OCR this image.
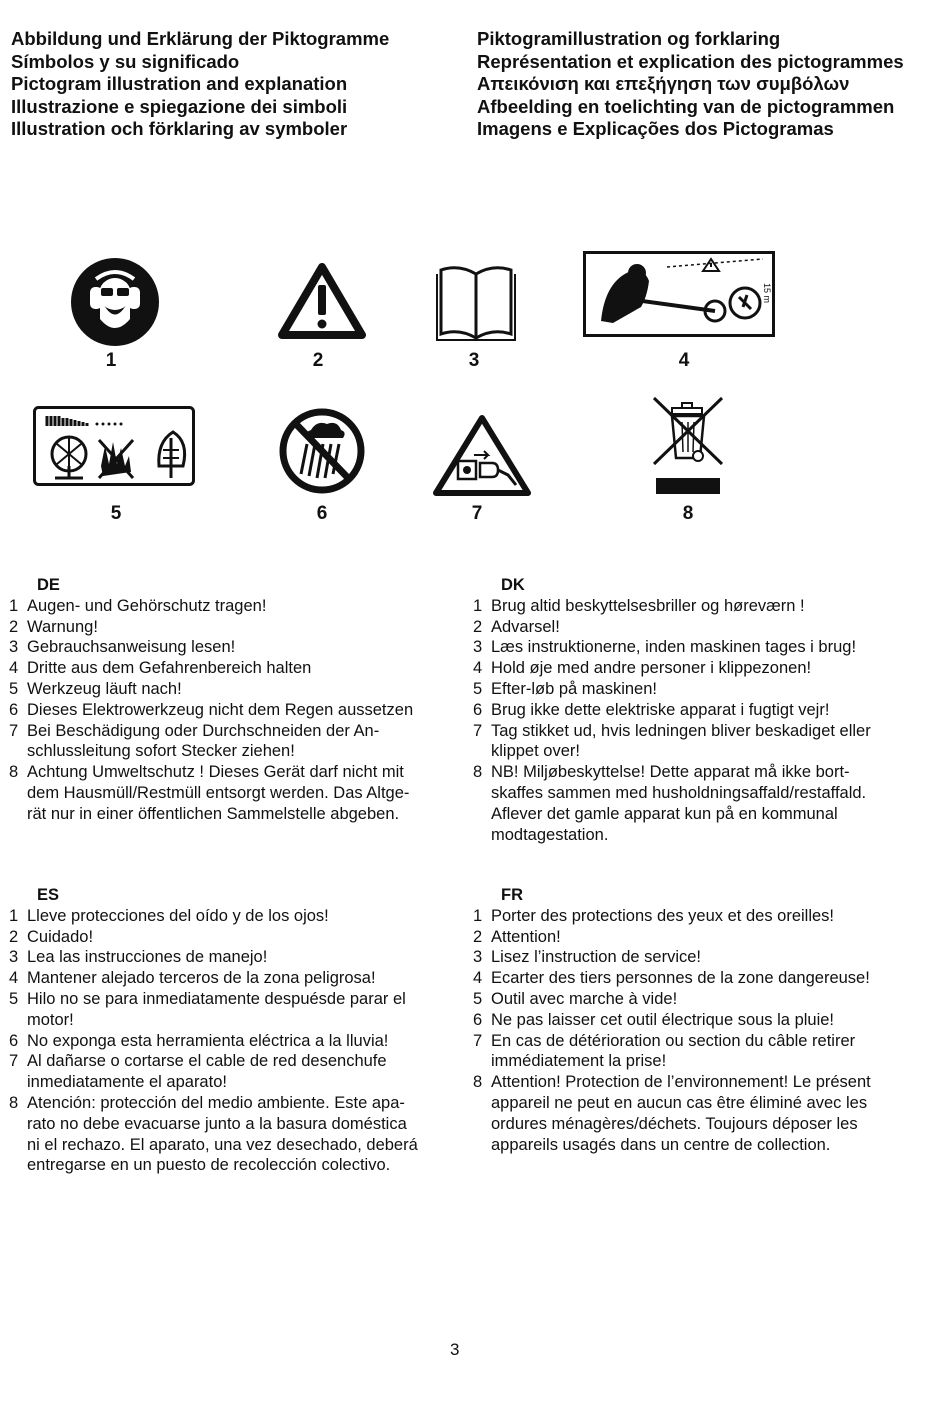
Abbildung und Erklärung der Piktogramme
Símbolos y su significado
Pictogram illustration and explanation
Illustrazione e spiegazione dei simboli
Illustration och förklaring av symboler
Piktogramillustration og forklaring
Représentation et explication des pictogrammes
Απεικόνιση και επεξήγηση των συμβόλων
Afbeelding en toelichting van de pictogrammen
Imagens e Explicações dos Pictogramas
1	2	3
15 m
4
5	6	7	8
DE
1 Augen- und Gehörschutz tragen!
2 Warnung!
3 Gebrauchsanweisung lesen!
4 Dritte aus dem Gefahrenbereich halten
5 Werkzeug läuft nach!
6 Dieses Elektrowerkzeug nicht dem Regen aussetzen
7 Bei Beschädigung oder Durchschneiden der An-
schlussleitung sofort Stecker ziehen!
8 Achtung Umweltschutz ! Dieses Gerät darf nicht mit
dem Hausmüll/Restmüll entsorgt werden. Das Altge-
rät nur in einer öffentlichen Sammelstelle abgeben.
DK
1 Brug altid beskyttelsesbriller og høreværn !
2 Advarsel!
3 Læs instruktionerne, inden maskinen tages i brug!
4 Hold øje med andre personer i klippezonen!
5 Efter-løb på maskinen!
6 Brug ikke dette elektriske apparat i fugtigt vejr!
7 Tag stikket ud, hvis ledningen bliver beskadiget eller
klippet over!
8 NB! Miljøbeskyttelse! Dette apparat må ikke bort-
skaffes sammen med husholdningsaffald/restaffald.
Aflever det gamle apparat kun på en kommunal
modtagestation.
ES
1 Lleve protecciones del oído y de los ojos!
2 Cuidado!
3 Lea las instrucciones de manejo!
4 Mantener alejado terceros de la zona peligrosa!
5 Hilo no se para inmediatamente despuésde parar el
motor!
6 No exponga esta herramienta eléctrica a la lluvia!
7 Al dañarse o cortarse el cable de red desenchufe
inmediatamente el aparato!
8 Atención: protección del medio ambiente. Este apa-
rato no debe evacuarse junto a la basura doméstica
ni el rechazo. El aparato, una vez desechado, deberá
entregarse en un puesto de recolección colectivo.
FR
1 Porter des protections des yeux et des oreilles!
2 Attention!
3 Lisez l’instruction de service!
4 Ecarter des tiers personnes de la zone dangereuse!
5 Outil avec marche à vide!
6 Ne pas laisser cet outil électrique sous la pluie!
7 En cas de détérioration ou section du câble retirer
immédiatement la prise!
8 Attention! Protection de l’environnement! Le présent
appareil ne peut en aucun cas être éliminé avec les
ordures ménagères/déchets. Toujours déposer les
appareils usagés dans un centre de collection.
3
